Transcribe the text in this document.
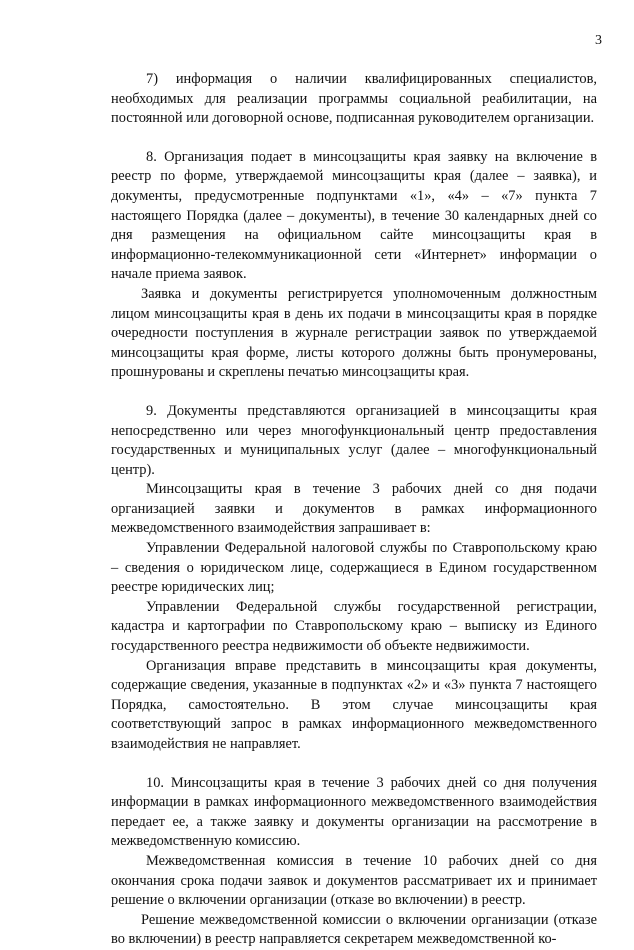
3

7) информация о наличии квалифицированных специалистов, необходимых для реализации программы социальной реабилитации, на постоянной или договорной основе, подписанная руководителем организации.

8. Организация подает в минсоцзащиты края заявку на включение в реестр по форме, утверждаемой минсоцзащиты края (далее – заявка), и документы, предусмотренные подпунктами «1», «4» – «7» пункта 7 настоящего Порядка (далее – документы), в течение 30 календарных дней со дня размещения на официальном сайте минсоцзащиты края в информационно-телекоммуникационной сети «Интернет» информации о начале приема заявок.

Заявка и документы регистрируется уполномоченным должностным лицом минсоцзащиты края в день их подачи в минсоцзащиты края в порядке очередности поступления в журнале регистрации заявок по утверждаемой минсоцзащиты края форме, листы которого должны быть пронумерованы, прошнурованы и скреплены печатью минсоцзащиты края.

9. Документы представляются организацией в минсоцзащиты края непосредственно или через многофункциональный центр предоставления государственных и муниципальных услуг (далее – многофункциональный центр).

Минсоцзащиты края в течение 3 рабочих дней со дня подачи организацией заявки и документов в рамках информационного межведомственного взаимодействия запрашивает в:

Управлении Федеральной налоговой службы по Ставропольскому краю – сведения о юридическом лице, содержащиеся в Едином государственном реестре юридических лиц;

Управлении Федеральной службы государственной регистрации, кадастра и картографии по Ставропольскому краю – выписку из Единого государственного реестра недвижимости об объекте недвижимости.

Организация вправе представить в минсоцзащиты края документы, содержащие сведения, указанные в подпунктах «2» и «3» пункта 7 настоящего Порядка, самостоятельно. В этом случае минсоцзащиты края соответствующий запрос в рамках информационного межведомственного взаимодействия не направляет.

10. Минсоцзащиты края в течение 3 рабочих дней со дня получения информации в рамках информационного межведомственного взаимодействия передает ее, а также заявку и документы организации на рассмотрение в межведомственную комиссию.

Межведомственная комиссия в течение 10 рабочих дней со дня окончания срока подачи заявок и документов рассматривает их и принимает решение о включении организации (отказе во включении) в реестр.

Решение межведомственной комиссии о включении организации (отказе во включении) в реестр направляется секретарем межведомственной ко-
